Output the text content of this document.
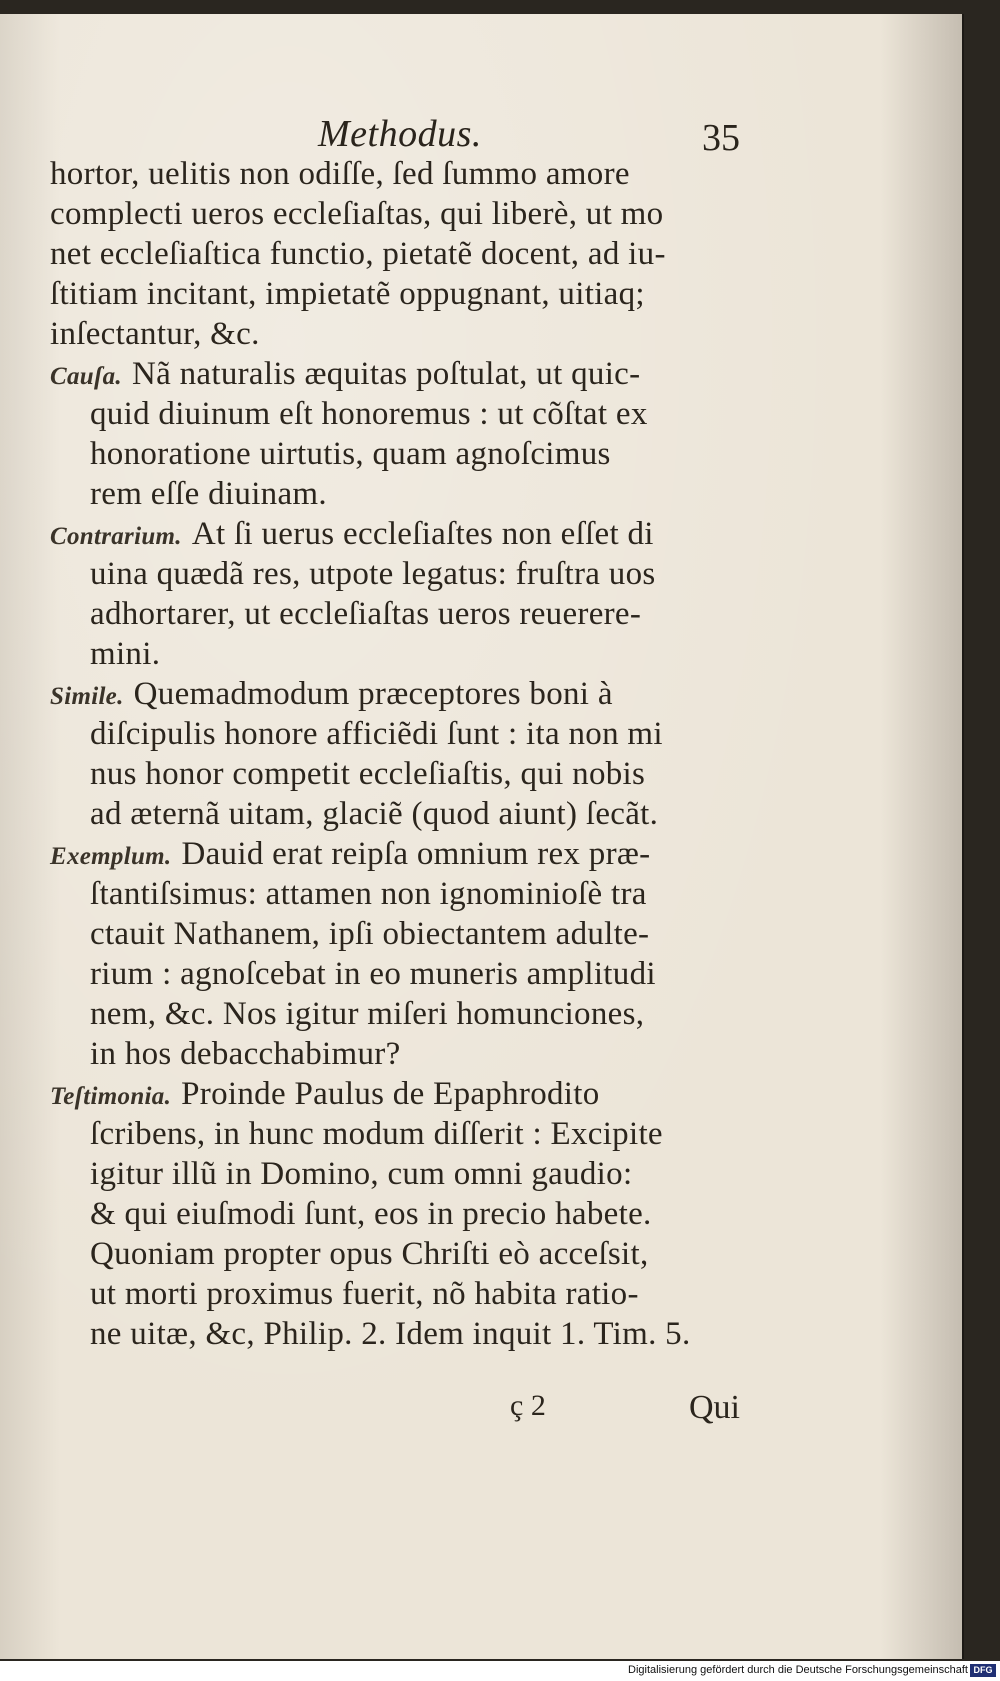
Methodus.	35
hortor, uelitis non odiſſe, ſed ſummo amore
complecti ueros eccleſiaſtas, qui liberè, ut mo
net eccleſiaſtica functio, pietatẽ docent, ad iu-
ſtitiam incitant, impietatẽ oppugnant, uitiaq;
inſectantur, &c.
Cauſa. Nã naturalis æquitas poſtulat, ut quic-
quid diuinum eſt honoremus : ut cõſtat ex
honoratione uirtutis, quam agnoſcimus
rem eſſe diuinam.
Contrarium. At ſi uerus eccleſiaſtes non eſſet di
uina quædã res, utpote legatus: fruſtra uos
adhortarer, ut eccleſiaſtas ueros reuerere-
mini.
Simile. Quemadmodum præceptores boni à
diſcipulis honore afficiẽdi ſunt : ita non mi
nus honor competit eccleſiaſtis, qui nobis
ad æternã uitam, glaciẽ (quod aiunt) ſecãt.
Exemplum. Dauid erat reipſa omnium rex præ-
ſtantiſsimus: attamen non ignominioſè tra
ctauit Nathanem, ipſi obiectantem adulte-
rium : agnoſcebat in eo muneris amplitudi
nem, &c. Nos igitur miſeri homunciones,
in hos debacchabimur?
Teſtimonia. Proinde Paulus de Epaphrodito
ſcribens, in hunc modum diſſerit : Excipite
igitur illũ in Domino, cum omni gaudio:
& qui eiuſmodi ſunt, eos in precio habete.
Quoniam propter opus Chriſti eò acceſsit,
ut morti proximus fuerit, nõ habita ratio-
ne uitæ, &c, Philip. 2. Idem inquit 1. Tim. 5.
ç 2	Qui
Digitalisierung gefördert durch die Deutsche Forschungsgemeinschaft DFG
